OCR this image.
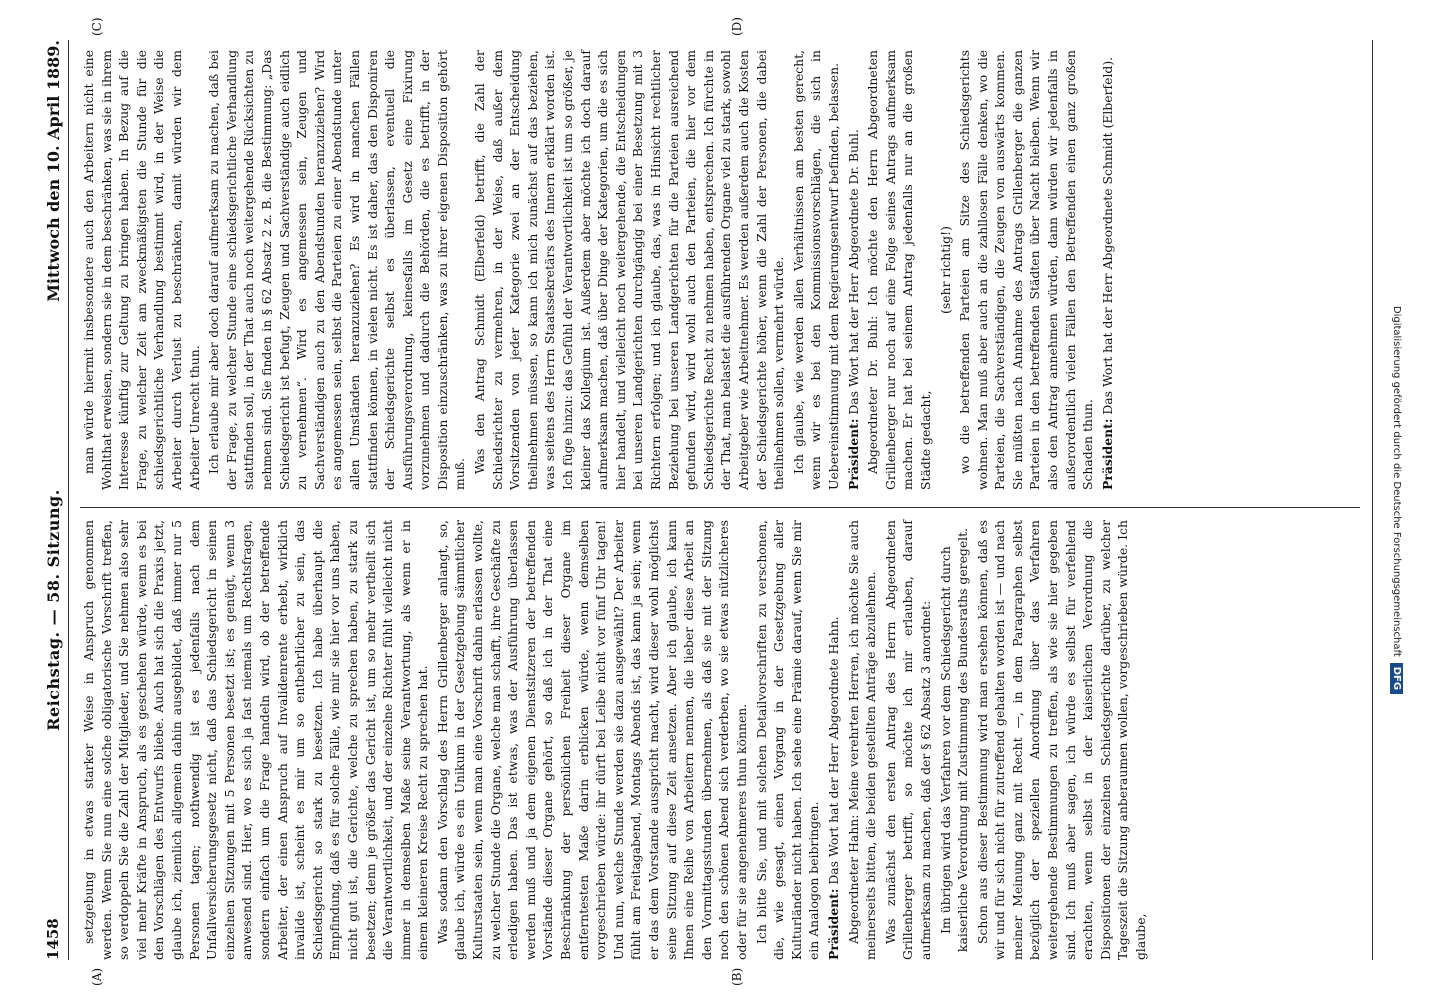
1458
Reichstag. — 58. Sitzung.
Mittwoch den 10. April 1889.
(A)	(B)
(C)	(D)

setzgebung in etwas starker Weise in Anspruch genommen werden. Wenn Sie nun eine solche obligatorische Vorschrift treffen, so verdoppeln Sie die Zahl der Mitglieder, und Sie nehmen also sehr viel mehr Kräfte in Anspruch, als es geschehen würde, wenn es bei den Vorschlägen des Entwurfs bliebe. Auch hat sich die Praxis jetzt, glaube ich, ziemlich allgemein dahin ausgebildet, daß immer nur 5 Personen tagen; nothwendig ist es jedenfalls nach dem Unfallversicherungsgesetz nicht, daß das Schiedsgericht in seinen einzelnen Sitzungen mit 5 Personen besetzt ist; es genügt, wenn 3 anwesend sind. Hier, wo es sich ja fast niemals um Rechtsfragen, sondern einfach um die Frage handeln wird, ob der betreffende Arbeiter, der einen Anspruch auf Invalidenrente erhebt, wirklich invalide ist, scheint es mir um so entbehrlicher zu sein, das Schiedsgericht so stark zu besetzen. Ich habe überhaupt die Empfindung, daß es für solche Fälle, wie mir sie hier vor uns haben, nicht gut ist, die Gerichte, welche zu sprechen haben, zu stark zu besetzen; denn je größer das Gericht ist, um so mehr vertheilt sich die Verantwortlichkeit, und der einzelne Richter fühlt vielleicht nicht immer in demselben Maße seine Verantwortung, als wenn er in einem kleineren Kreise Recht zu sprechen hat. Was sodann den Vorschlag des Herrn Grillenberger anlangt, so, glaube ich, würde es ein Unikum in der Gesetzgebung sämmtlicher Kulturstaaten sein, wenn man eine Vorschrift dahin erlassen wollte, zu welcher Stunde die Organe, welche man schafft, ihre Geschäfte zu erledigen haben. Das ist etwas, was der Ausführung überlassen werden muß und ja dem eigenen Dienstsitzeren der betreffenden Vorstände dieser Organe gehört, so daß ich in der That eine Beschränkung der persönlichen Freiheit dieser Organe im entferntesten Maße darin erblicken würde, wenn demselben vorgeschrieben würde: ihr dürft bei Leibe nicht vor fünf Uhr tagen! Und nun, welche Stunde werden sie dazu ausgewählt? Der Arbeiter fühlt am Freitagabend, Montags Abends ist, das kann ja sein; wenn er das dem Vorstande ausspricht macht, wird dieser wohl möglichst seine Sitzung auf diese Zeit ansetzen. Aber ich glaube, ich kann Ihnen eine Reihe von Arbeitern nennen, die lieber diese Arbeit an den Vormittagsstunden übernehmen, als daß sie mit der Sitzung noch den schönen Abend sich verderben, wo sie etwas nützlicheres oder für sie angenehmeres thun können. Ich bitte Sie, und mit solchen Detailvorschriften zu verschonen, die, wie gesagt, einen Vorgang in der Gesetzgebung aller Kulturländer nicht haben. Ich sehe eine Prämie darauf, wenn Sie mir ein Analogon beibringen. Präsident: Das Wort hat der Herr Abgeordnete Hahn. Abgeordneter Hahn: Meine verehrten Herren, ich möchte Sie auch meinerseits bitten, die beiden gestellten Anträge abzulehnen. Was zunächst den ersten Antrag des Herrn Abgeordneten Grillenberger betrifft, so möchte ich mir erlauben, darauf aufmerksam zu machen, daß der § 62 Absatz 3 anordnet: Im übrigen wird das Verfahren vor dem Schiedsgericht durch kaiserliche Verordnung mit Zustimmung des Bundesraths geregelt. Schon aus dieser Bestimmung wird man ersehen können, daß es wir und für sich nicht für zutreffend gehalten worden ist — und nach meiner Meinung ganz mit Recht —, in dem Paragraphen selbst bezüglich der speziellen Anordnung über das Verfahren weitergehende Bestimmungen zu treffen, als wie sie hier gegeben sind. Ich muß aber sagen, ich würde es selbst für verfehlend erachten, wenn selbst in der kaiserlichen Verordnung die Dispositionen der einzelnen Schiedsgerichte darüber, zu welcher Tageszeit die Sitzung anberaumen wollen, vorgeschrieben würde. Ich glaube,

man würde hiermit insbesondere auch den Arbeitern nicht eine Wohlthat erweisen, sondern sie in dem beschränken, was sie in ihrem Interesse künftig zur Geltung zu bringen haben. In Bezug auf die Frage, zu welcher Zeit am zweckmäßigsten die Stunde für die schiedsgerichtliche Verhandlung bestimmt wird, in der Weise die Arbeiter durch Verlust zu beschränken, damit würden wir dem Arbeiter Unrecht thun. Ich erlaube mir aber doch darauf aufmerksam zu machen, daß bei der Frage, zu welcher Stunde eine schiedsgerichtliche Verhandlung stattfinden soll, in der That auch noch weitergehende Rücksichten zu nehmen sind. Sie finden in § 62 Absatz 2 z. B. die Bestimmung: „Das Schiedsgericht ist befugt, Zeugen und Sachverständige auch eidlich zu vernehmen“. Wird es angemessen sein, Zeugen und Sachverständigen auch zu den Abendstunden heranzuziehen? Wird es angemessen sein, selbst die Parteien zu einer Abendstunde unter allen Umständen heranzuziehen? Es wird in manchen Fällen stattfinden können, in vielen nicht. Es ist daher, das den Disponiren der Schiedsgerichte selbst es überlassen, eventuell die Ausführungsverordnung, keinesfalls im Gesetz eine Fixirung vorzunehmen und dadurch die Behörden, die es betrifft, in der Disposition einzuschränken, was zu ihrer eigenen Disposition gehört muß.

Was den Antrag Schmidt (Elberfeld) betrifft, die Zahl der Schiedsrichter zu vermehren, in der Weise, daß außer dem Vorsitzenden von jeder Kategorie zwei an der Entscheidung theilnehmen müssen, so kann ich mich zunächst auf das beziehen, was seitens des Herrn Staatssekretärs des Innern erklärt worden ist. Ich füge hinzu: das Gefühl der Verantwortlichkeit ist um so größer, je kleiner das Kollegium ist. Außerdem aber möchte ich doch darauf aufmerksam machen, daß über Dinge der Kategorien, um die es sich hier handelt, und vielleicht noch weitergehende, die Entscheidungen bei unseren Landgerichten durchgängig bei einer Besetzung mit 3 Richtern erfolgen; und ich glaube, das, was in Hinsicht rechtlicher Beziehung bei unseren Landgerichten für die Parteien ausreichend gefunden wird, wird wohl auch den Parteien, die hier vor dem Schiedsgerichte Recht zu nehmen haben, entsprechen. Ich fürchte in der That, man belastet die ausführenden Organe viel zu stark, sowohl Arbeitgeber wie Arbeitnehmer. Es werden außerdem auch die Kosten der Schiedsgerichte höher, wenn die Zahl der Personen, die dabei theilnehmen sollen, vermehrt würde. Ich glaube, wie werden allen Verhältnissen am besten gerecht, wenn wir es bei den Kommissionsvorschlägen, die sich in Uebereinstimmung mit dem Regierungsentwurf befinden, belassen. Präsident: Das Wort hat der Herr Abgeordnete Dr. Buhl. Abgeordneter Dr. Buhl: Ich möchte den Herrn Abgeordneten Grillenberger nur noch auf eine Folge seines Antrags aufmerksam machen. Er hat bei seinem Antrag jedenfalls nur an die großen Städte gedacht,

(sehr richtig!) wo die betreffenden Parteien am Sitze des Schiedsgerichts wohnen. Man muß aber auch an die zahllosen Fälle denken, wo die Parteien, die Sachverständigen, die Zeugen von auswärts kommen. Sie müßten nach Annahme des Antrags Grillenberger die ganzen Parteien in den betreffenden Städten über Nacht bleiben. Wenn wir also den Antrag annehmen würden, dann würden wir jedenfalls in außerordentlich vielen Fällen den Betreffenden einen ganz großen Schaden thun. Präsident: Das Wort hat der Herr Abgeordnete Schmidt (Elberfeld).

Digitalisierung gefördert durch die Deutsche Forschungsgemeinschaft
DFG
